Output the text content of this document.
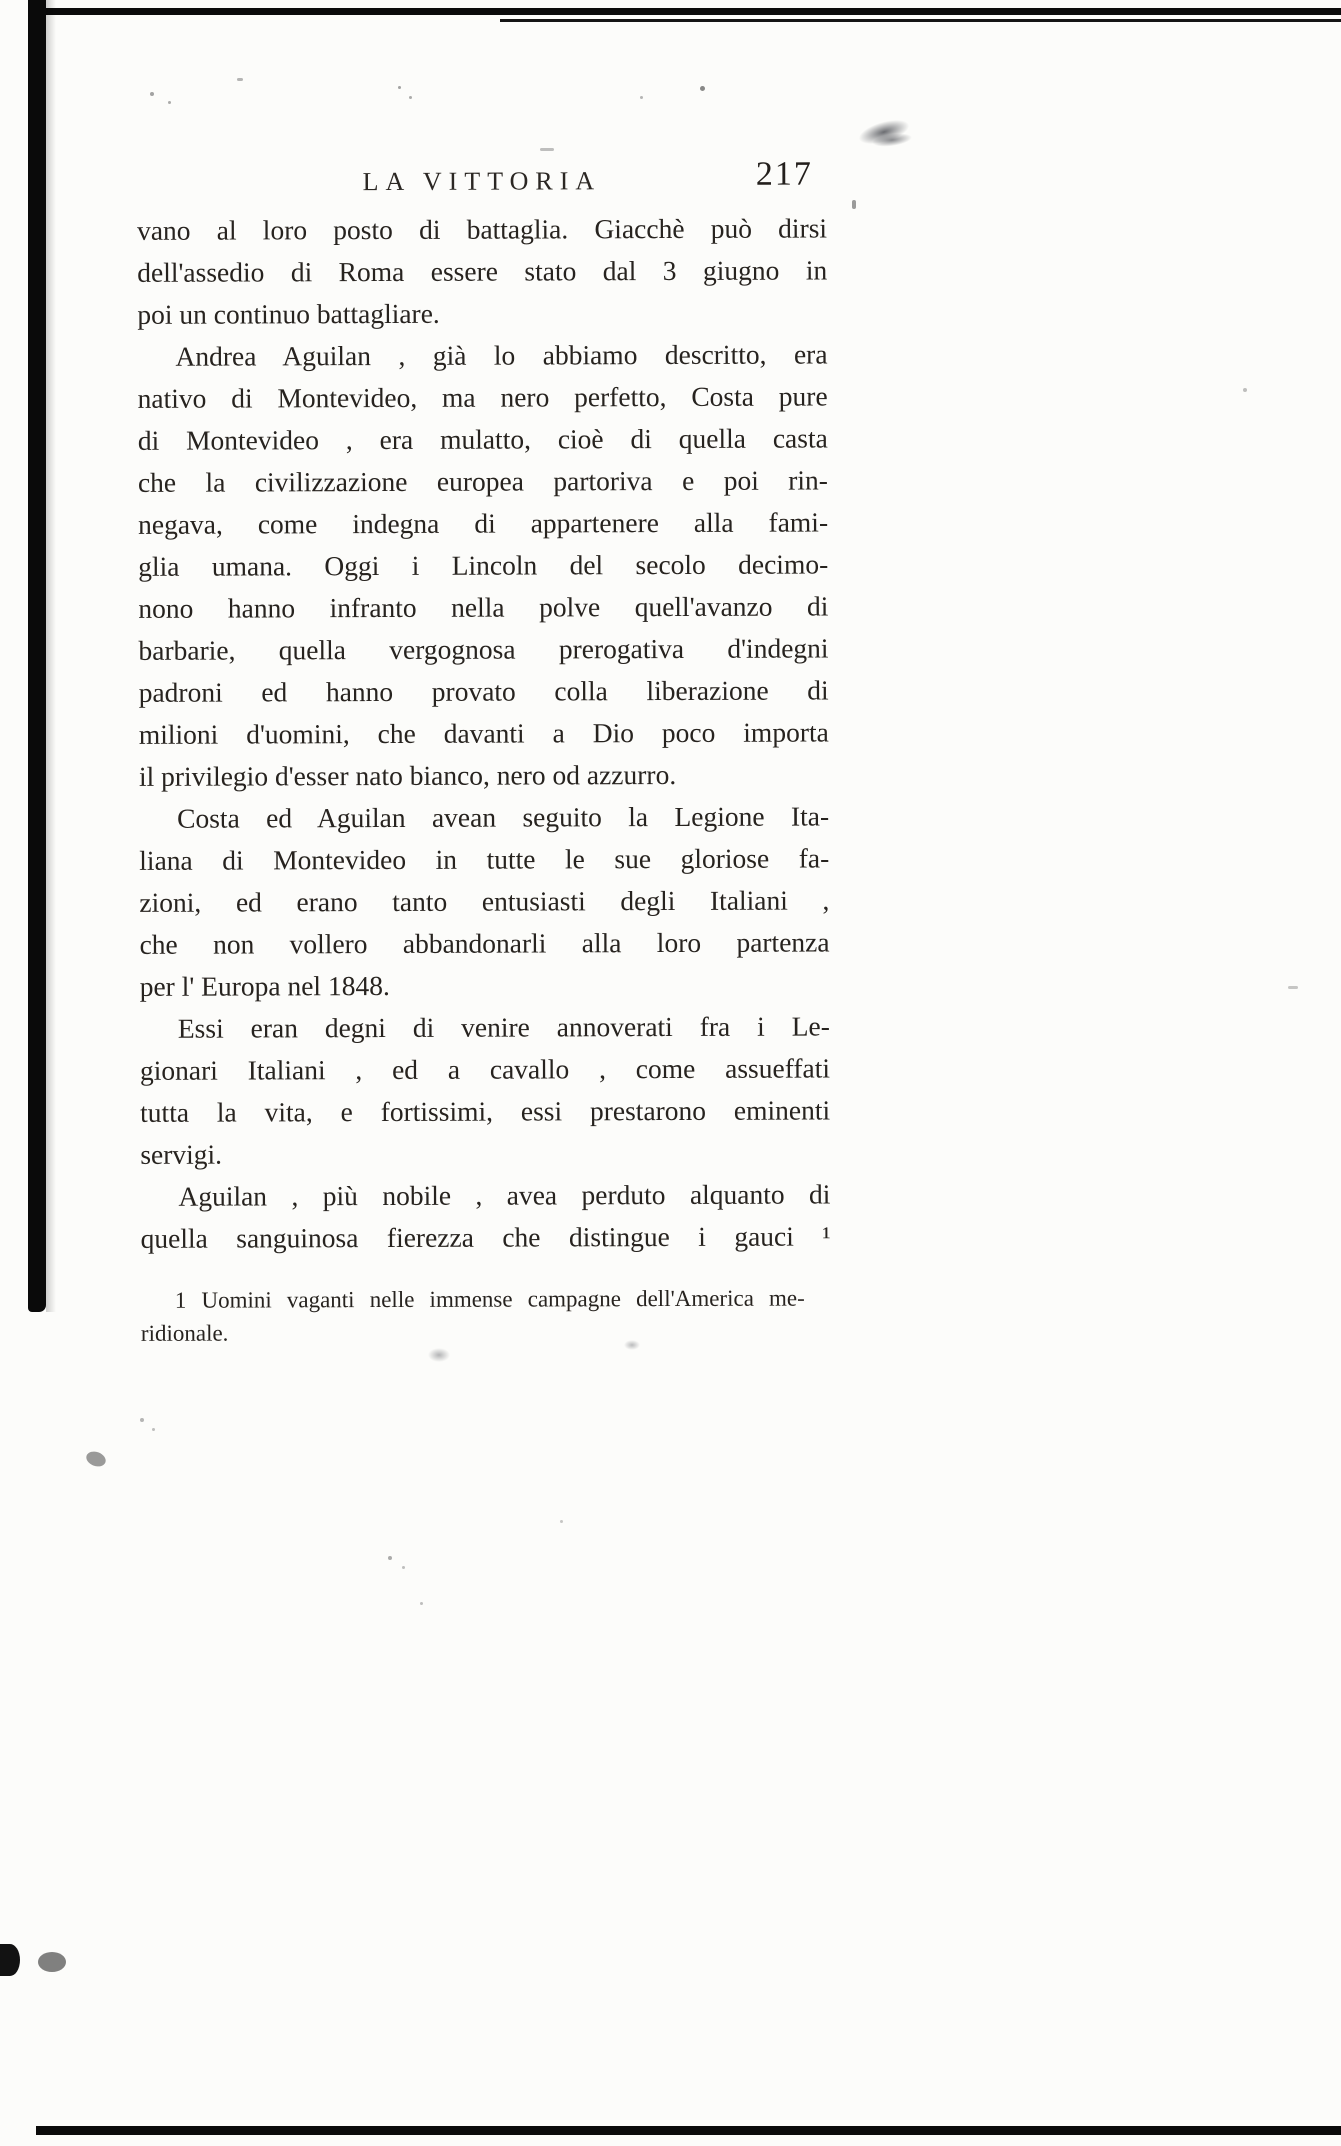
LA VITTORIA	217
vano al loro posto di battaglia. Giacchè può dirsi
dell'assedio di Roma essere stato dal 3 giugno in
poi un continuo battagliare.
Andrea Aguilan , già lo abbiamo descritto, era
nativo di Montevideo, ma nero perfetto, Costa pure
di Montevideo , era mulatto, cioè di quella casta
che la civilizzazione europea partoriva e poi rin-
negava, come indegna di appartenere alla fami-
glia umana. Oggi i Lincoln del secolo decimo-
nono hanno infranto nella polve quell'avanzo di
barbarie, quella vergognosa prerogativa d'indegni
padroni ed hanno provato colla liberazione di
milioni d'uomini, che davanti a Dio poco importa
il privilegio d'esser nato bianco, nero od azzurro.
Costa ed Aguilan avean seguito la Legione Ita-
liana di Montevideo in tutte le sue gloriose fa-
zioni, ed erano tanto entusiasti degli Italiani ,
che non vollero abbandonarli alla loro partenza
per l' Europa nel 1848.
Essi eran degni di venire annoverati fra i Le-
gionari Italiani , ed a cavallo , come assueffati
tutta la vita, e fortissimi, essi prestarono eminenti
servigi.
Aguilan , più nobile , avea perduto alquanto di
quella sanguinosa fierezza che distingue i gauci ¹
1 Uomini vaganti nelle immense campagne dell'America me-
ridionale.
